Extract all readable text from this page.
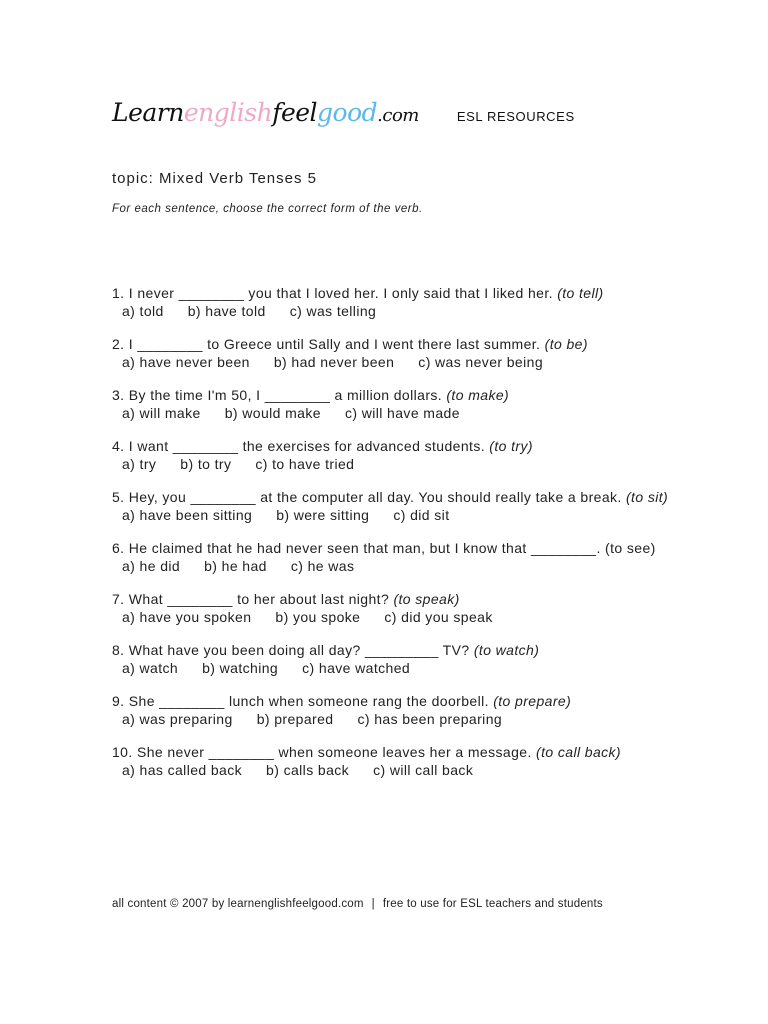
Learnenglishfeelgood.com	ESL RESOURCES
topic: Mixed Verb Tenses 5
For each sentence, choose the correct form of the verb.
1. I never ________ you that I loved her. I only said that I liked her. (to tell)
a) told b) have told c) was telling
2. I ________ to Greece until Sally and I went there last summer. (to be)
a) have never been b) had never been c) was never being
3. By the time I'm 50, I ________ a million dollars. (to make)
a) will make b) would make c) will have made
4. I want ________ the exercises for advanced students. (to try)
a) try b) to try c) to have tried
5. Hey, you ________ at the computer all day. You should really take a break. (to sit)
a) have been sitting b) were sitting c) did sit
6. He claimed that he had never seen that man, but I know that ________. (to see)
a) he did b) he had c) he was
7. What ________ to her about last night? (to speak)
a) have you spoken b) you spoke c) did you speak
8. What have you been doing all day? _________ TV? (to watch)
a) watch b) watching c) have watched
9. She ________ lunch when someone rang the doorbell. (to prepare)
a) was preparing b) prepared c) has been preparing
10. She never ________ when someone leaves her a message. (to call back)
a) has called back b) calls back c) will call back
all content © 2007 by learnenglishfeelgood.com | free to use for ESL teachers and students
